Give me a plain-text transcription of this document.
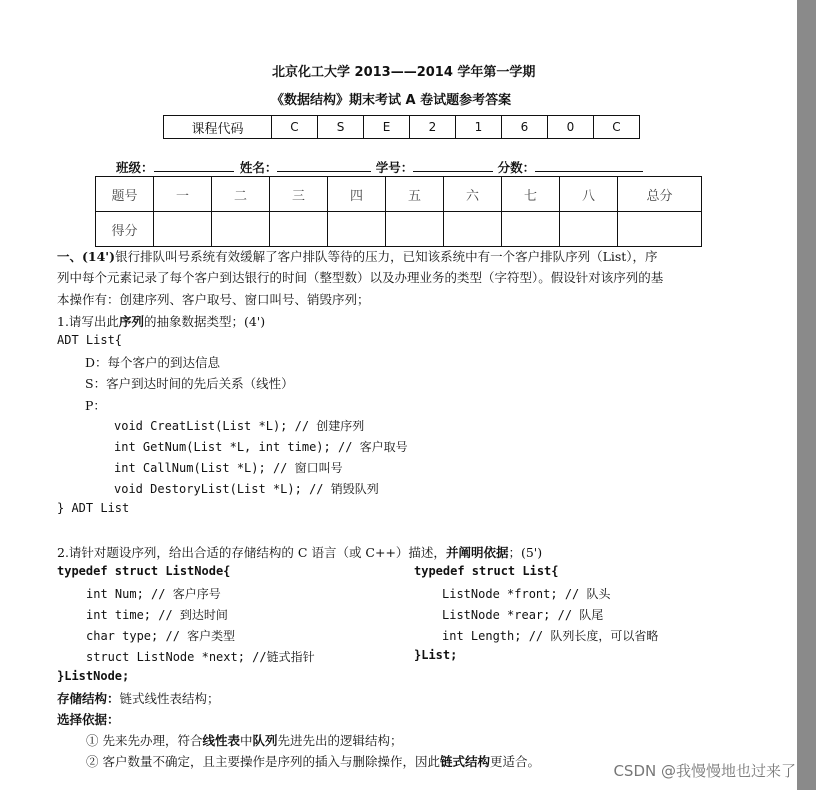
北京化工大学 2013——2014 学年第一学期
《数据结构》期末考试 A 卷试题参考答案
课程代码	C	S	E	2	1	6	0	C
班级：	姓名：	学号：	分数：
题号	一	二	三	四	五	六	七	八	总分
得分									
一、(14')银行排队叫号系统有效缓解了客户排队等待的压力，已知该系统中有一个客户排队序列（List），序
列中每个元素记录了每个客户到达银行的时间（整型数）以及办理业务的类型（字符型）。假设针对该序列的基
本操作有：创建序列、客户取号、窗口叫号、销毁序列；
1.请写出此序列的抽象数据类型；(4')
ADT List{
D：每个客户的到达信息
S：客户到达时间的先后关系（线性）
P：
void CreatList(List *L); // 创建序列
int GetNum(List *L, int time); // 客户取号
int CallNum(List *L); // 窗口叫号
void DestoryList(List *L); // 销毁队列
} ADT List
2.请针对题设序列，给出合适的存储结构的 C 语言（或 C++）描述，并阐明依据；(5')
typedef struct ListNode{
int Num; // 客户序号
int time; // 到达时间
char type; // 客户类型
struct ListNode *next; //链式指针
}ListNode;
typedef struct List{
ListNode *front; // 队头
ListNode *rear; // 队尾
int Length; // 队列长度，可以省略
}List;
存储结构：链式线性表结构；
选择依据：
① 先来先办理，符合线性表中队列先进先出的逻辑结构；
② 客户数量不确定，且主要操作是序列的插入与删除操作，因此链式结构更适合。
CSDN @我慢慢地也过来了
